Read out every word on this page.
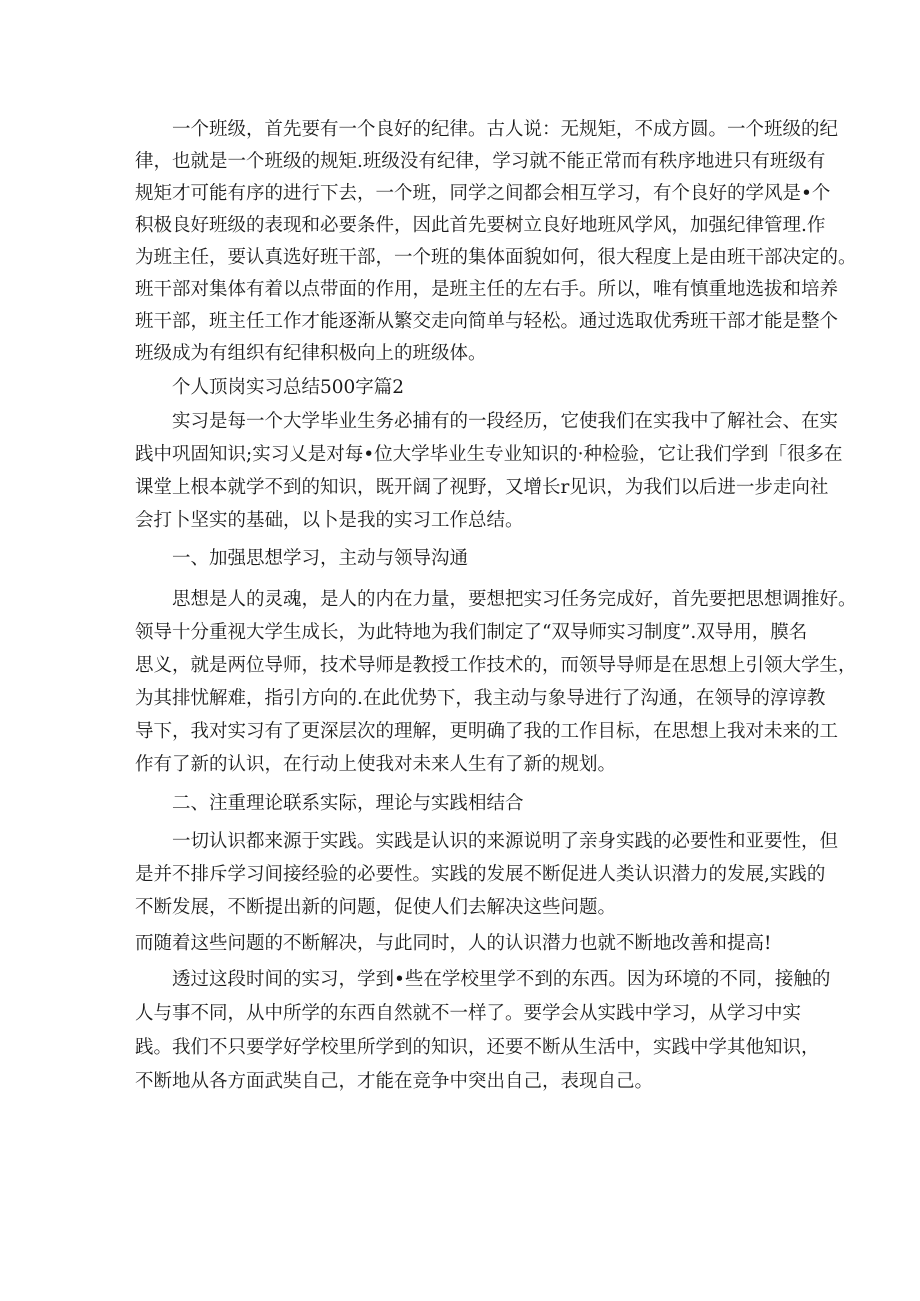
一个班级，首先要有一个良好的纪律。古人说：无规矩，不成方圆。一个班级的纪

律，也就是一个班级的规矩.班级没有纪律，学习就不能正常而有秩序地进只有班级有

规矩才可能有序的进行下去，一个班，同学之间都会相互学习，有个良好的学风是•个

积极良好班级的表现和必要条件，因此首先要树立良好地班风学风，加强纪律管理.作

为班主任，要认真选好班干部，一个班的集体面貌如何，很大程度上是由班干部决定的。

班干部对集体有着以点带面的作用，是班主任的左右手。所以，唯有慎重地选拔和培养

班干部，班主任工作才能逐渐从繁交走向简单与轻松。通过选取优秀班干部才能是整个

班级成为有组织有纪律积极向上的班级体。

个人顶岗实习总结500字篇2

实习是每一个大学毕业生务必捕有的一段经历，它使我们在实我中了解社会、在实

践中巩固知识;实习乂是对每•位大学毕业生专业知识的·种检验，它让我们学到「很多在

课堂上根本就学不到的知识，既开阔了视野，又增长r见识，为我们以后进一步走向社

会打卜坚实的基础，以卜是我的实习工作总结。

一、加强思想学习，主动与领导沟通

思想是人的灵魂，是人的内在力量，要想把实习任务完成好，首先要把思想调推好。

领导十分重视大学生成长，为此特地为我们制定了“双导师实习制度”.双导用，膜名

思义，就是两位导师，技术导师是教授工作技术的，而领导导师是在思想上引领大学生，

为其排忧解难，指引方向的.在此优势下，我主动与象导进行了沟通，在领导的淳谆教

导下，我对实习有了更深层次的理解，更明确了我的工作目标，在思想上我对未来的工

作有了新的认识，在行动上使我对未来人生有了新的规划。

二、注重理论联系实际，理论与实践相结合

一切认识都来源于实践。实践是认识的来源说明了亲身实践的必要性和亚要性，但

是并不排斥学习间接经验的必要性。实践的发展不断促进人类认识潜力的发展,实践的

不断发展，不断提出新的问题，促使人们去解决这些问题。

而随着这些问题的不断解决，与此同时，人的认识潜力也就不断地改善和提高!

透过这段时间的实习，学到•些在学校里学不到的东西。因为环境的不同，接触的

人与事不同，从中所学的东西自然就不一样了。要学会从实践中学习，从学习中实

践。我们不只要学好学校里所学到的知识，还要不断从生活中，实践中学其他知识，

不断地从各方面武奘自己，才能在竞争中突出自己，表现自己。
